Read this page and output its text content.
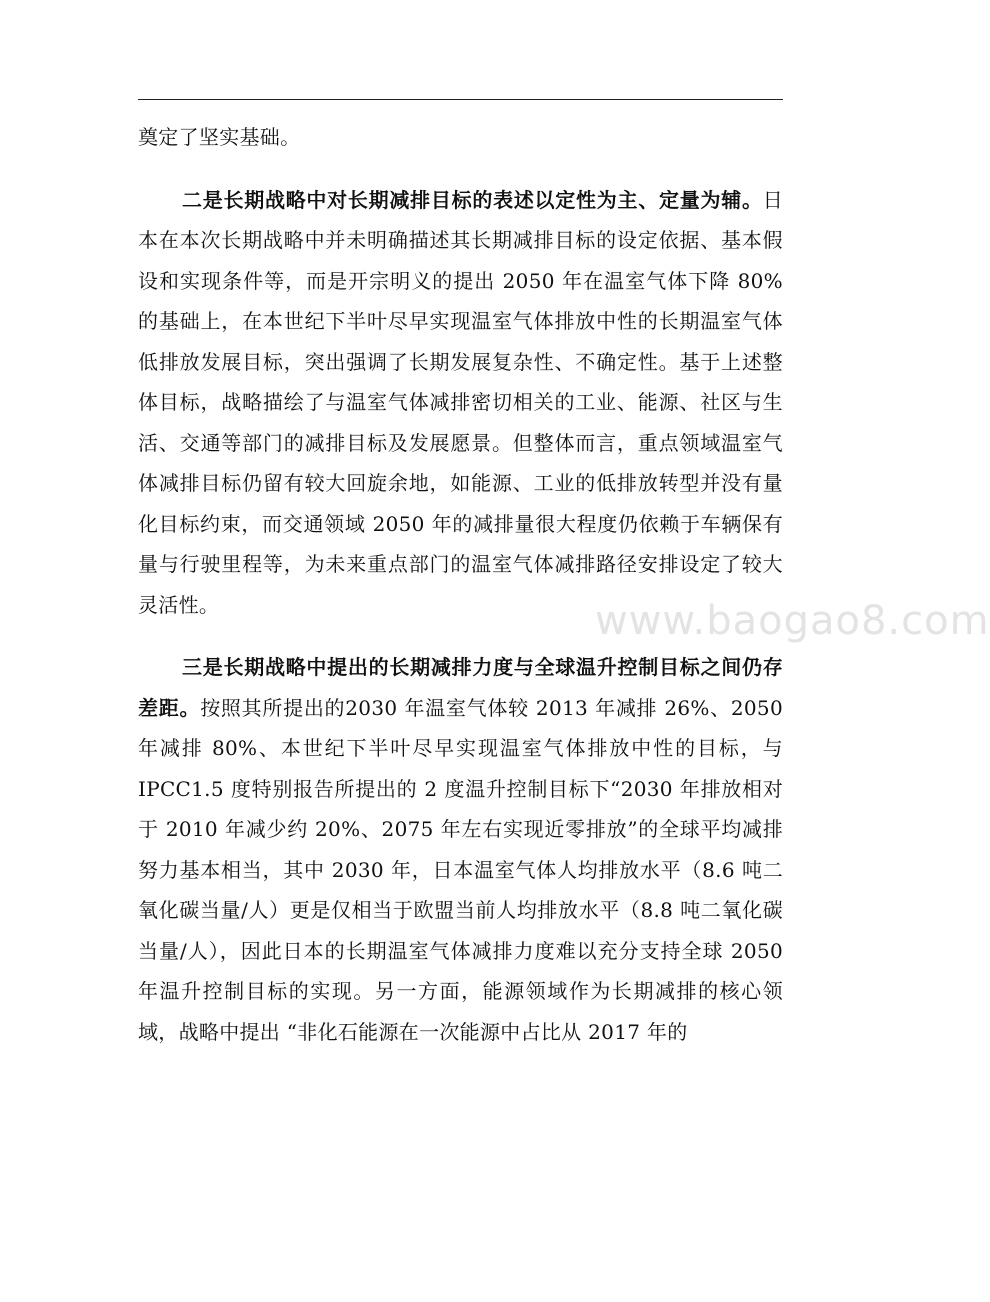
www.baogao8.com

奠定了坚实基础。

二是长期战略中对长期减排目标的表述以定性为主、定量为辅。日本在本次长期战略中并未明确描述其长期减排目标的设定依据、基本假设和实现条件等，而是开宗明义的提出 2050 年在温室气体下降 80%的基础上，在本世纪下半叶尽早实现温室气体排放中性的长期温室气体低排放发展目标，突出强调了长期发展复杂性、不确定性。基于上述整体目标，战略描绘了与温室气体减排密切相关的工业、能源、社区与生活、交通等部门的减排目标及发展愿景。但整体而言，重点领域温室气体减排目标仍留有较大回旋余地，如能源、工业的低排放转型并没有量化目标约束，而交通领域 2050 年的减排量很大程度仍依赖于车辆保有量与行驶里程等，为未来重点部门的温室气体减排路径安排设定了较大灵活性。

三是长期战略中提出的长期减排力度与全球温升控制目标之间仍存差距。按照其所提出的2030 年温室气体较 2013 年减排 26%、2050 年减排 80%、本世纪下半叶尽早实现温室气体排放中性的目标，与 IPCC1.5 度特别报告所提出的 2 度温升控制目标下“2030 年排放相对于 2010 年减少约 20%、2075 年左右实现近零排放”的全球平均减排努力基本相当，其中 2030 年，日本温室气体人均排放水平（8.6 吨二氧化碳当量/人）更是仅相当于欧盟当前人均排放水平（8.8 吨二氧化碳当量/人），因此日本的长期温室气体减排力度难以充分支持全球 2050 年温升控制目标的实现。另一方面，能源领域作为长期减排的核心领域，战略中提出 “非化石能源在一次能源中占比从 2017 年的
